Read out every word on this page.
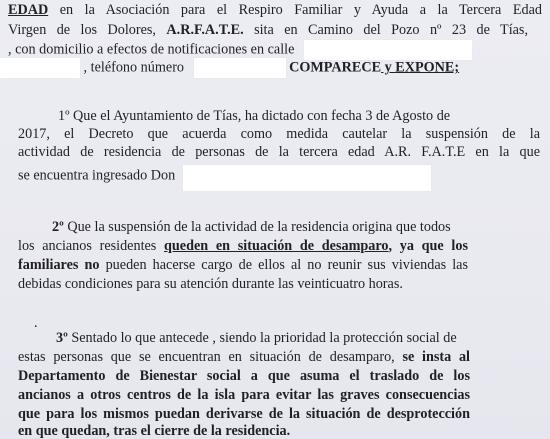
EDAD en la Asociación para el Respiro Familiar y Ayuda a la Tercera Edad
Virgen de los Dolores, A.R.F.A.T.E. sita en Camino del Pozo nº 23 de Tías,
, con domicilio a efectos de notificaciones en calle
, teléfono número	COMPARECE y EXPONE;
1º Que el Ayuntamiento de Tías, ha dictado con fecha 3 de Agosto de
2017, el Decreto que acuerda como medida cautelar la suspensión de la
actividad de residencia de personas de la tercera edad A.R. F.A.T.E en la que
se encuentra ingresado Don
2º Que la suspensión de la actividad de la residencia origina que todos
los ancianos residentes queden en situación de desamparo, ya que los
familiares no pueden hacerse cargo de ellos al no reunir sus viviendas las
debidas condiciones para su atención durante las veinticuatro horas.
.
3º Sentado lo que antecede , siendo la prioridad la protección social de
estas personas que se encuentran en situación de desamparo, se insta al
Departamento de Bienestar social a que asuma el traslado de los
ancianos a otros centros de la isla para evitar las graves consecuencias
que para los mismos puedan derivarse de la situación de desprotección
en que quedan, tras el cierre de la residencia.
